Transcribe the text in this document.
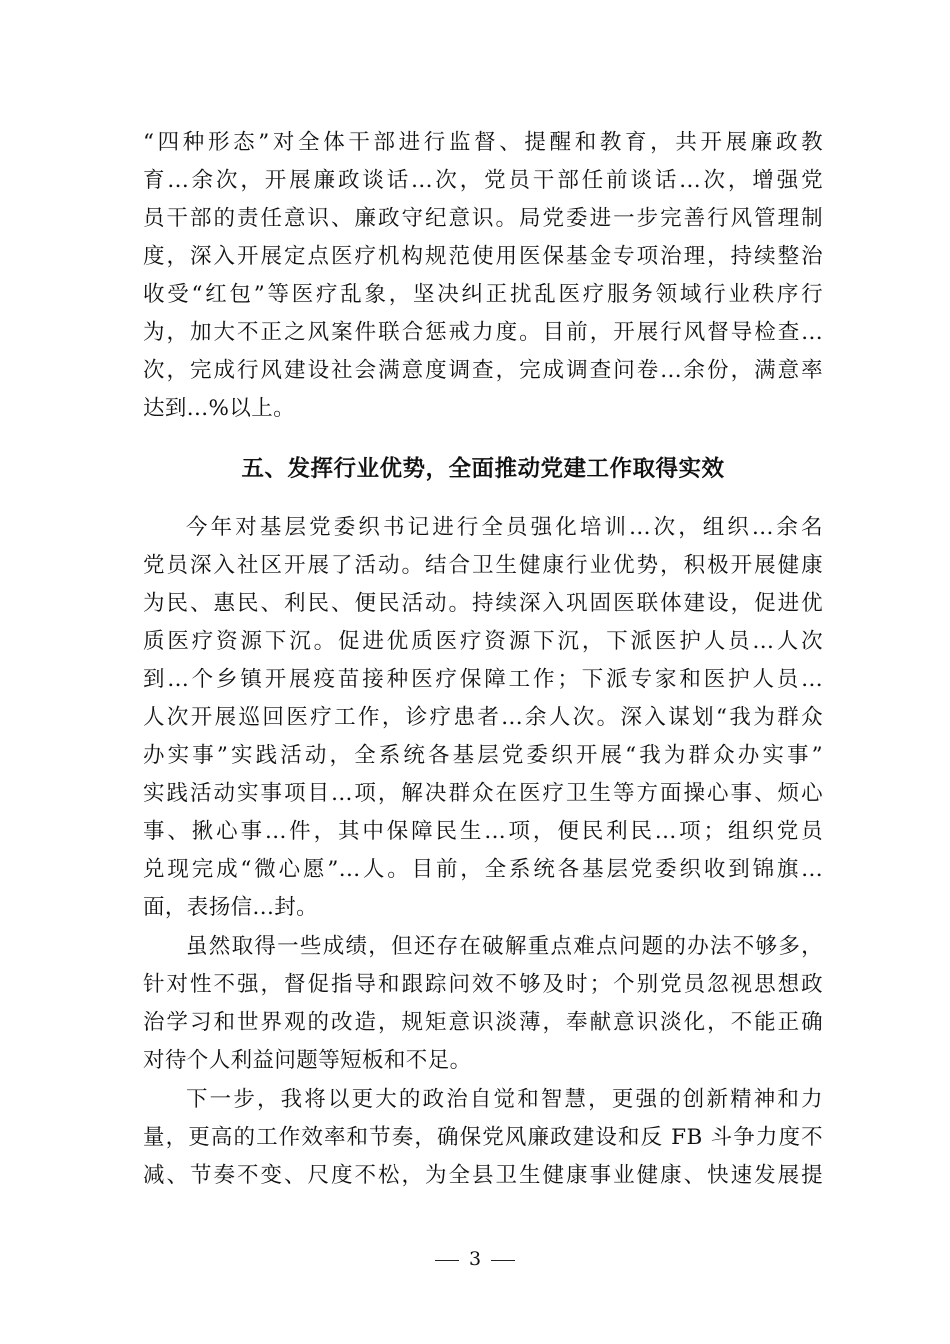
“四种形态”对全体干部进行监督、提醒和教育，共开展廉政教
育...余次，开展廉政谈话...次，党员干部任前谈话...次，增强党
员干部的责任意识、廉政守纪意识。局党委进一步完善行风管理制
度，深入开展定点医疗机构规范使用医保基金专项治理，持续整治
收受“红包”等医疗乱象，坚决纠正扰乱医疗服务领域行业秩序行
为，加大不正之风案件联合惩戒力度。目前，开展行风督导检查...
次，完成行风建设社会满意度调查，完成调查问卷...余份，满意率
达到...%以上。
五、发挥行业优势，全面推动党建工作取得实效
今年对基层党委织书记进行全员强化培训...次，组织...余名
党员深入社区开展了活动。结合卫生健康行业优势，积极开展健康
为民、惠民、利民、便民活动。持续深入巩固医联体建设，促进优
质医疗资源下沉。促进优质医疗资源下沉，下派医护人员...人次
到...个乡镇开展疫苗接种医疗保障工作；下派专家和医护人员...
人次开展巡回医疗工作，诊疗患者...余人次。深入谋划“我为群众
办实事”实践活动，全系统各基层党委织开展“我为群众办实事”
实践活动实事项目...项，解决群众在医疗卫生等方面操心事、烦心
事、揪心事...件，其中保障民生...项，便民利民...项；组织党员
兑现完成“微心愿”...人。目前，全系统各基层党委织收到锦旗...
面，表扬信...封。
虽然取得一些成绩，但还存在破解重点难点问题的办法不够多，
针对性不强，督促指导和跟踪问效不够及时；个别党员忽视思想政
治学习和世界观的改造，规矩意识淡薄，奉献意识淡化，不能正确
对待个人利益问题等短板和不足。
下一步，我将以更大的政治自觉和智慧，更强的创新精神和力
量，更高的工作效率和节奏，确保党风廉政建设和反 FB 斗争力度不
减、节奏不变、尺度不松，为全县卫生健康事业健康、快速发展提
3
